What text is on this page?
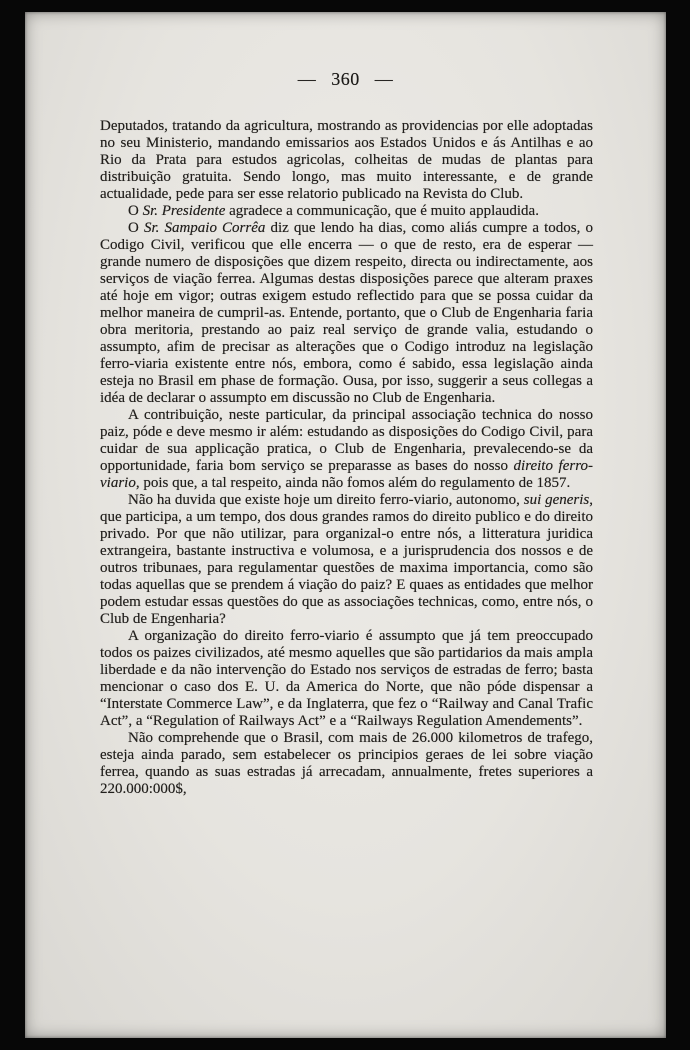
— 360 —

Deputados, tratando da agricultura, mostrando as providencias por elle adoptadas no seu Ministerio, mandando emissarios aos Estados Unidos e ás Antilhas e ao Rio da Prata para estudos agricolas, colheitas de mudas de plantas para distribuição gratuita. Sendo longo, mas muito interessante, e de grande actualidade, pede para ser esse relatorio publicado na Revista do Club.

O Sr. Presidente agradece a communicação, que é muito applaudida.

O Sr. Sampaio Corrêa diz que lendo ha dias, como aliás cumpre a todos, o Codigo Civil, verificou que elle encerra — o que de resto, era de esperar — grande numero de disposições que dizem respeito, directa ou indirectamente, aos serviços de viação ferrea. Algumas destas disposições parece que alteram praxes até hoje em vigor; outras exigem estudo reflectido para que se possa cuidar da melhor maneira de cumpril-as. Entende, portanto, que o Club de Engenharia faria obra meritoria, prestando ao paiz real serviço de grande valia, estudando o assumpto, afim de precisar as alterações que o Codigo introduz na legislação ferro-viaria existente entre nós, embora, como é sabido, essa legislação ainda esteja no Brasil em phase de formação. Ousa, por isso, suggerir a seus collegas a idéa de declarar o assumpto em discussão no Club de Engenharia.

A contribuição, neste particular, da principal associação technica do nosso paiz, póde e deve mesmo ir além: estudando as disposições do Codigo Civil, para cuidar de sua applicação pratica, o Club de Engenharia, prevalecendo-se da opportunidade, faria bom serviço se preparasse as bases do nosso direito ferro-viario, pois que, a tal respeito, ainda não fomos além do regulamento de 1857.

Não ha duvida que existe hoje um direito ferro-viario, autonomo, sui generis, que participa, a um tempo, dos dous grandes ramos do direito publico e do direito privado. Por que não utilizar, para organizal-o entre nós, a litteratura juridica extrangeira, bastante instructiva e volumosa, e a jurisprudencia dos nossos e de outros tribunaes, para regulamentar questões de maxima importancia, como são todas aquellas que se prendem á viação do paiz? E quaes as entidades que melhor podem estudar essas questões do que as associações technicas, como, entre nós, o Club de Engenharia?

A organização do direito ferro-viario é assumpto que já tem preoccupado todos os paizes civilizados, até mesmo aquelles que são partidarios da mais ampla liberdade e da não intervenção do Estado nos serviços de estradas de ferro; basta mencionar o caso dos E. U. da America do Norte, que não póde dispensar a “Interstate Commerce Law”, e da Inglaterra, que fez o “Railway and Canal Trafic Act”, a “Regulation of Railways Act” e a “Railways Regulation Amendements”.

Não comprehende que o Brasil, com mais de 26.000 kilometros de trafego, esteja ainda parado, sem estabelecer os principios geraes de lei sobre viação ferrea, quando as suas estradas já arrecadam, annualmente, fretes superiores a 220.000:000$,
